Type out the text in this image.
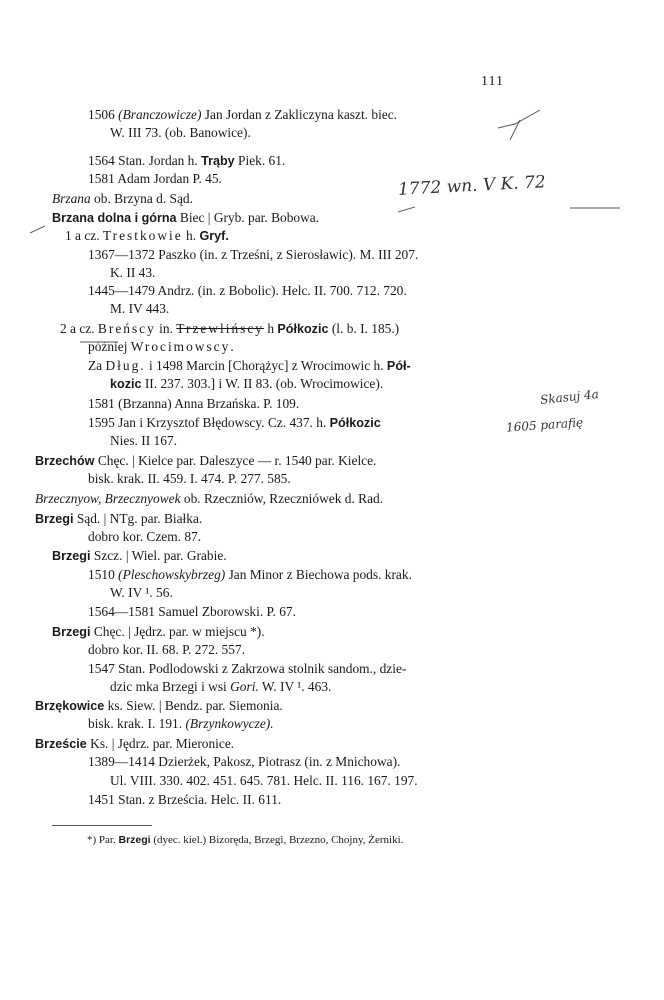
111
1506 (Branczowicze) Jan Jordan z Zakliczyna kaszt. biec.
W. III 73. (ob. Banowice).
1564 Stan. Jordan h. Trąby Piek. 61.
1581 Adam Jordan P. 45.
Brzana ob. Brzyna d. Sąd.
Brzana dolna i górna Biec | Gryb. par. Bobowa.
1 a cz. Trestkowie h. Gryf.
1367—1372 Paszko (in. z Trześni, z Sierosławic). M. III 207.
K. II 43.
1445—1479 Andrz. (in. z Bobolic). Helc. II. 700. 712. 720.
M. IV 443.
2 a cz. Breńscy in. Trzewlińscy h Półkozic (l. b. I. 185.)
później Wrocimowscy.
Za Dług. i 1498 Marcin [Chorążyc] z Wrocimowic h. Pół-
kozic II. 237. 303.] i W. II 83. (ob. Wrocimowice).
1581 (Brzanna) Anna Brzańska. P. 109.
1595 Jan i Krzysztof Błędowscy. Cz. 437. h. Półkozic
Nies. II 167.
Brzechów Chęc. | Kielce par. Daleszyce — r. 1540 par. Kielce.
bisk. krak. II. 459. I. 474. P. 277. 585.
Brzecznyow, Brzecznyowek ob. Rzeczniów, Rzeczniówek d. Rad.
Brzegi Sąd. | NTg. par. Białka.
dobro kor. Czem. 87.
Brzegi Szcz. | Wiel. par. Grabie.
1510 (Pleschowskybrzeg) Jan Minor z Biechowa pods. krak.
W. IV ¹. 56.
1564—1581 Samuel Zborowski. P. 67.
Brzegi Chęc. | Jędrz. par. w miejscu *).
dobro kor. II. 68. P. 272. 557.
1547 Stan. Podlodowski z Zakrzowa stolnik sandom., dzie-
dzic mka Brzegi i wsi Gori. W. IV ¹. 463.
Brzękowice ks. Siew. | Bendz. par. Siemonia.
bisk. krak. I. 191. (Brzynkowycze).
Brzeście Ks. | Jędrz. par. Mieronice.
1389—1414 Dzierżek, Pakosz, Piotrasz (in. z Mnichowa).
Ul. VIII. 330. 402. 451. 645. 781. Helc. II. 116. 167. 197.
1451 Stan. z Brześcia. Helc. II. 611.
*) Par. Brzegi (dyec. kiel.) Bizoręda, Brzegi, Brzezno, Chojny, Żerniki.
1772 wn. V K. 72
Skasuj 4a
1605 parafię
